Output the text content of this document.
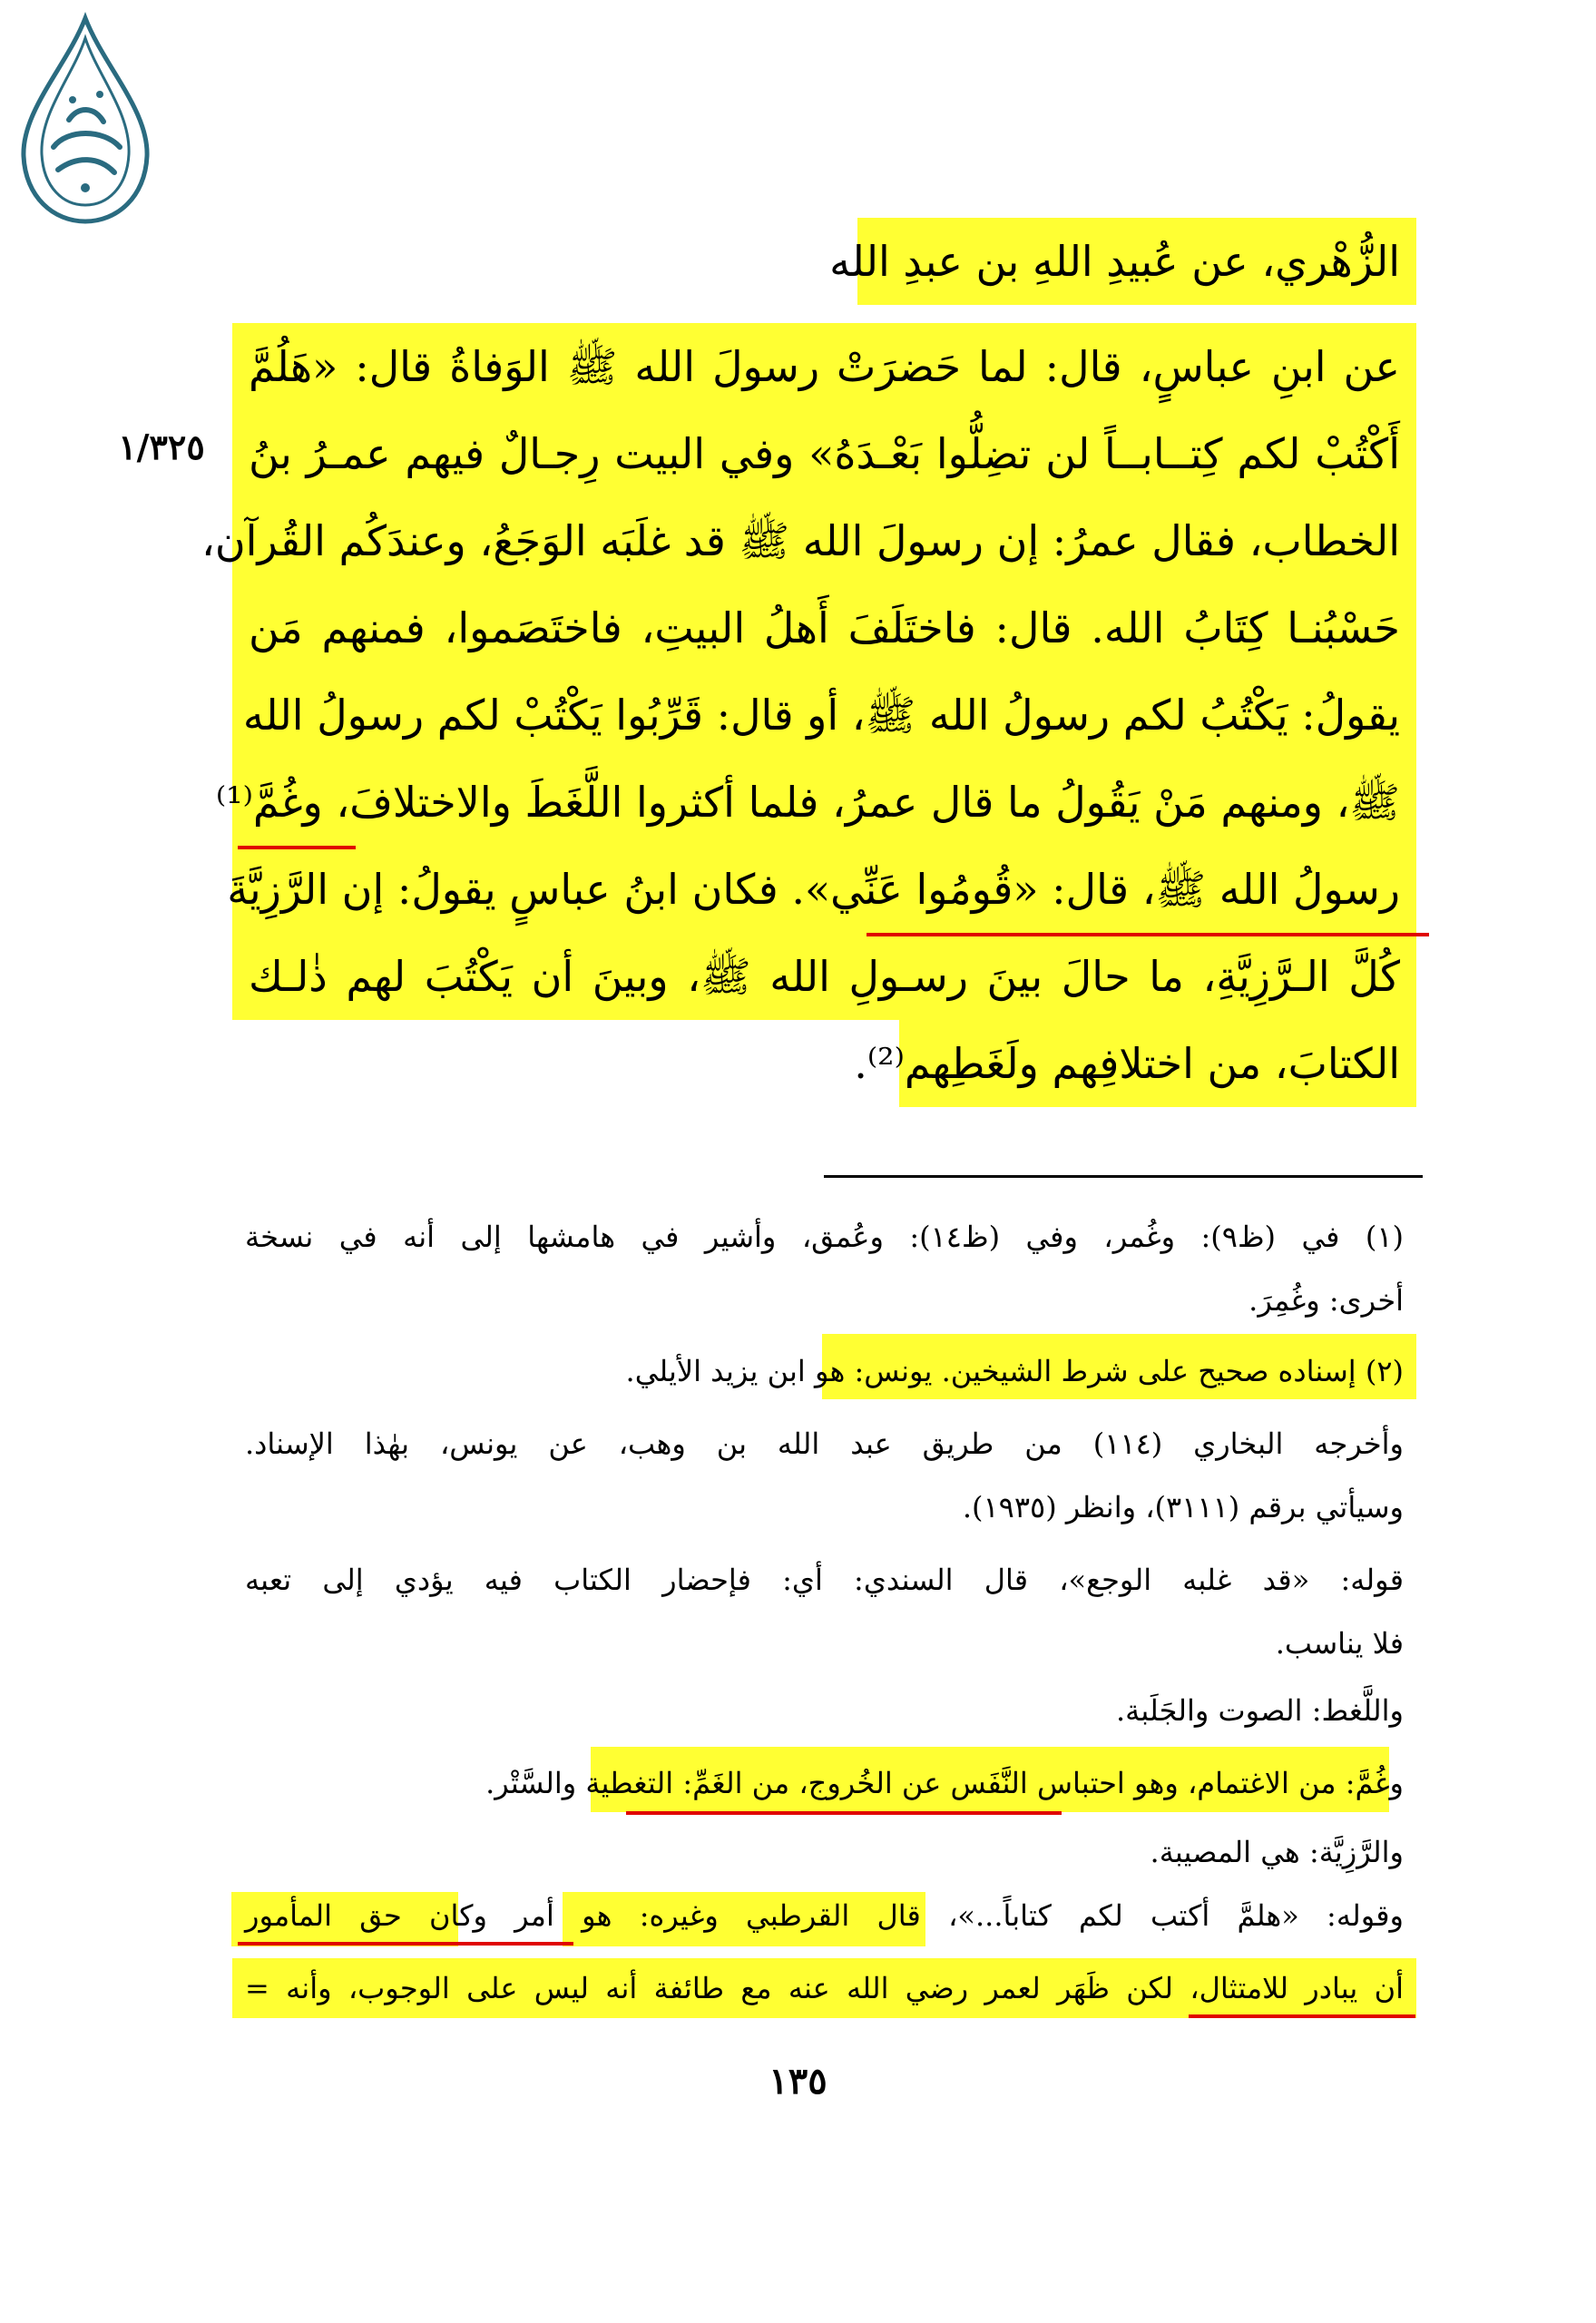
١/٣٢٥
الزُّهْري، عن عُبيدِ اللهِ بن عبدِ الله
عن ابنِ عباسٍ، قال: لما حَضرَتْ رسولَ الله ﷺ الوَفاةُ قال: «هَلُمَّ
أَكْتُبْ لكم كِتــابــاً لن تضِلُّوا بَعْـدَهُ» وفي البيت رِجـالٌ فيهم عمـرُ بنُ
الخطاب، فقال عمرُ: إن رسولَ الله ﷺ قد غلَبَه الوَجَعُ، وعندَكُم القُرآن،
حَسْبُنـا كِتَابُ الله. قال: فاختَلَفَ أَهلُ البيتِ، فاختَصَموا، فمنهم مَن
يقولُ: يَكْتُبُ لكم رسولُ الله ﷺ، أو قال: قَرِّبُوا يَكْتُبْ لكم رسولُ الله
ﷺ، ومنهم مَنْ يَقُولُ ما قال عمرُ، فلما أكثروا اللَّغَطَ والاختلافَ، وغُمَّ⁽¹⁾
رسولُ الله ﷺ، قال: «قُومُوا عَنِّي». فكان ابنُ عباسٍ يقولُ: إن الرَّزِيَّةَ
كُلَّ الـرَّزِيَّةِ، ما حالَ بينَ رسـولِ الله ﷺ، وبينَ أن يَكْتُبَ لهم ذٰلـك
الكتابَ، من اختلافِهم ولَغَطِهم⁽²⁾.
(١) في (ظ٩): وغُمر، وفي (ظ١٤): وعُمق، وأشير في هامشها إلى أنه في نسخة
أخرى: وغُمِرَ.
(٢) إسناده صحيح على شرط الشيخين. يونس: هو ابن يزيد الأيلي.
وأخرجه البخاري (١١٤) من طريق عبد الله بن وهب، عن يونس، بهٰذا الإسناد.
وسيأتي برقم (٣١١١)، وانظر (١٩٣٥).
قوله: «قد غلبه الوجع»، قال السندي: أي: فإحضار الكتاب فيه يؤدي إلى تعبه
فلا يناسب.
واللَّغط: الصوت والجَلَبة.
وغُمَّ: من الاغتمام، وهو احتباس النَّفَس عن الخُروج، من الغَمِّ: التغطية والسَّتْر.
والرَّزِيَّة: هي المصيبة.
وقوله: «هلمَّ أكتب لكم كتاباً...»، قال القرطبي وغيره: هو أمر وكان حق المأمور
أن يبادر للامتثال، لكن ظَهَر لعمر رضي الله عنه مع طائفة أنه ليس على الوجوب، وأنه =
١٣٥
